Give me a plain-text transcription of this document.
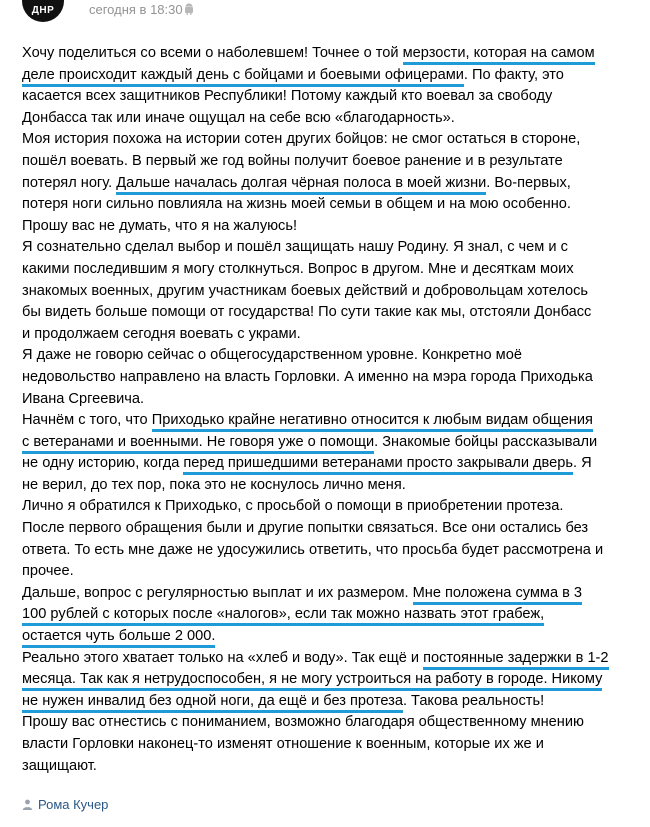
ДНР	сегодня в 18:30

Хочу поделиться со всеми о наболевшем! Точнее о той мерзости, которая на самом

деле происходит каждый день с бойцами и боевыми офицерами. По факту, это

касается всех защитников Республики! Потому каждый кто воевал за свободу

Донбасса так или иначе ощущал на себе всю «благодарность».

Моя история похожа на истории сотен других бойцов: не смог остаться в стороне,

пошёл воевать. В первый же год войны получит боевое ранение и в результате

потерял ногу. Дальше началась долгая чёрная полоса в моей жизни. Во-первых,

потеря ноги сильно повлияла на жизнь моей семьи в общем и на мою особенно.

Прошу вас не думать, что я на жалуюсь!

Я сознательно сделал выбор и пошёл защищать нашу Родину. Я знал, с чем и с

какими последившим я могу столкнуться. Вопрос в другом. Мне и десяткам моих

знакомых военных, другим участникам боевых действий и добровольцам хотелось

бы видеть больше помощи от государства! По сути такие как мы, отстояли Донбасс

и продолжаем сегодня воевать с украми.

Я даже не говорю сейчас о общегосударственном уровне. Конкретно моё

недовольство направлено на власть Горловки. А именно на мэра города Приходька

Ивана Сргеевича.

Начнём с того, что Приходько крайне негативно относится к любым видам общения

с ветеранами и военными. Не говоря уже о помощи. Знакомые бойцы рассказывали

не одну историю, когда перед пришедшими ветеранами просто закрывали дверь. Я

не верил, до тех пор, пока это не коснулось лично меня.

Лично я обратился к Приходько, с просьбой о помощи в приобретении протеза.

После первого обращения были и другие попытки связаться. Все они остались без

ответа. То есть мне даже не удосужились ответить, что просьба будет рассмотрена и

прочее.

Дальше, вопрос с регулярностью выплат и их размером. Мне положена сумма в 3

100 рублей с которых после «налогов», если так можно назвать этот грабеж,

остается чуть больше 2 000.

Реально этого хватает только на «хлеб и воду». Так ещё и постоянные задержки в 1-2

месяца. Так как я нетрудоспособен, я не могу устроиться на работу в городе. Никому

не нужен инвалид без одной ноги, да ещё и без протеза. Такова реальность!

Прошу вас отнестись с пониманием, возможно благодаря общественному мнению

власти Горловки наконец-то изменят отношение к военным, которые их же и

защищают.

Рома Кучер
